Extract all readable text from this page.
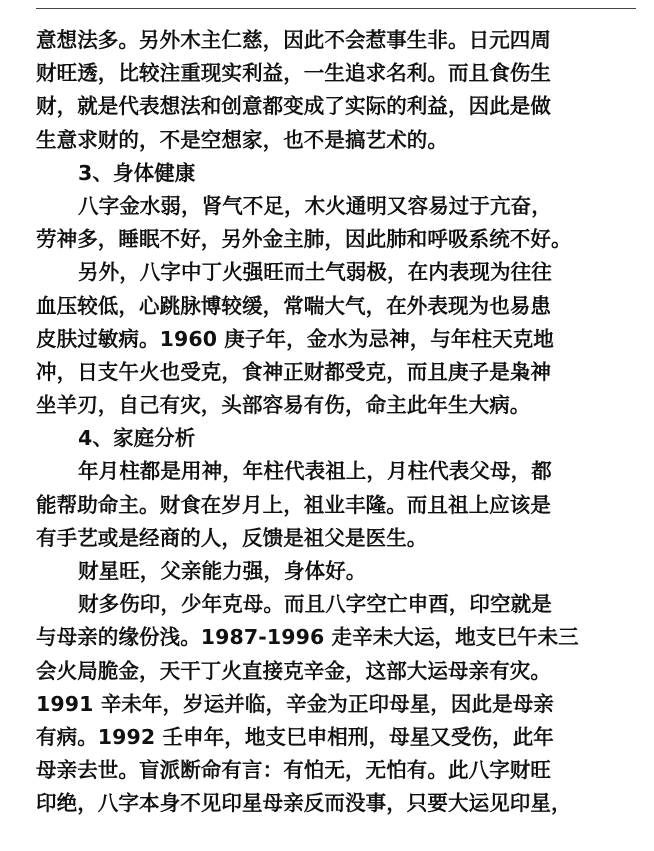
意想法多。另外木主仁慈，因此不会惹事生非。日元四周
财旺透，比较注重现实利益，一生追求名利。而且食伤生
财，就是代表想法和创意都变成了实际的利益，因此是做
生意求财的，不是空想家，也不是搞艺术的。
3、身体健康
八字金水弱，肾气不足，木火通明又容易过于亢奋，
劳神多，睡眠不好，另外金主肺，因此肺和呼吸系统不好。
另外，八字中丁火强旺而土气弱极，在内表现为往往
血压较低，心跳脉博较缓，常喘大气，在外表现为也易患
皮肤过敏病。1960 庚子年，金水为忌神，与年柱天克地
冲，日支午火也受克，食神正财都受克，而且庚子是枭神
坐羊刃，自己有灾，头部容易有伤，命主此年生大病。
4、家庭分析
年月柱都是用神，年柱代表祖上，月柱代表父母，都
能帮助命主。财食在岁月上，祖业丰隆。而且祖上应该是
有手艺或是经商的人，反馈是祖父是医生。
财星旺，父亲能力强，身体好。
财多伤印，少年克母。而且八字空亡申酉，印空就是
与母亲的缘份浅。1987-1996 走辛未大运，地支巳午未三
会火局脆金，天干丁火直接克辛金，这部大运母亲有灾。
1991 辛未年，岁运并临，辛金为正印母星，因此是母亲
有病。1992 壬申年，地支巳申相刑，母星又受伤，此年
母亲去世。盲派断命有言：有怕无，无怕有。此八字财旺
印绝，八字本身不见印星母亲反而没事，只要大运见印星，
